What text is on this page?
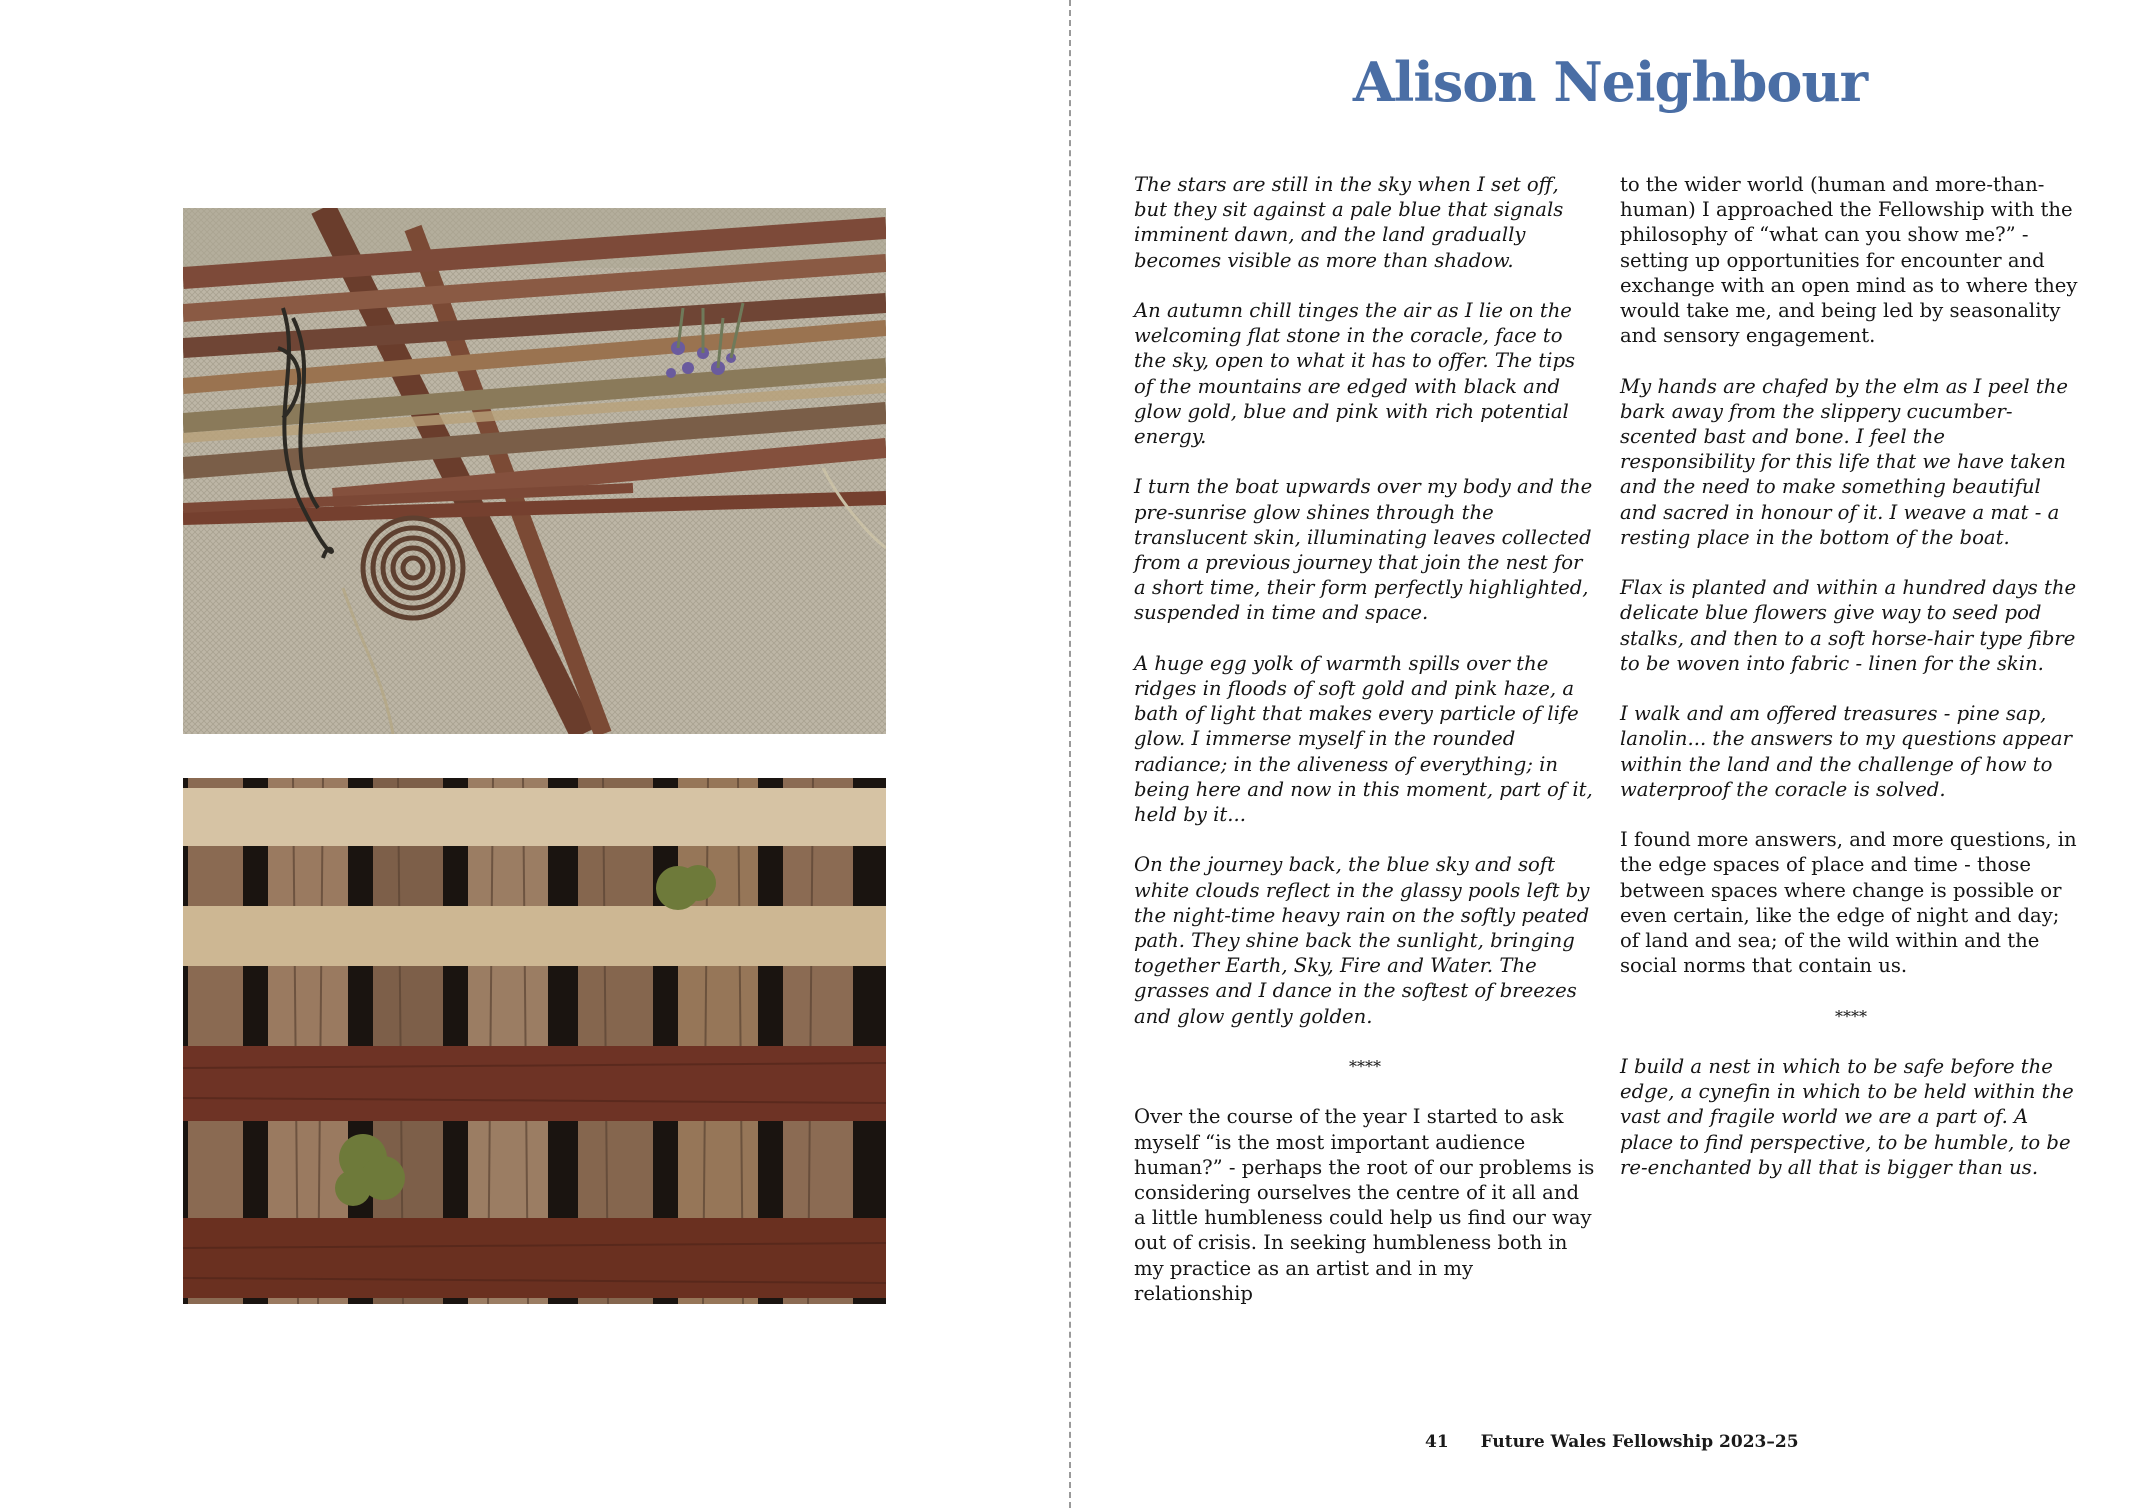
Alison Neighbour

The stars are still in the sky when I set off, but they sit against a pale blue that signals imminent dawn, and the land gradually becomes visible as more than shadow.

An autumn chill tinges the air as I lie on the welcoming flat stone in the coracle, face to the sky, open to what it has to offer. The tips of the mountains are edged with black and glow gold, blue and pink with rich potential energy.

I turn the boat upwards over my body and the pre-sunrise glow shines through the translucent skin, illuminating leaves collected from a previous journey that join the nest for a short time, their form perfectly highlighted, suspended in time and space.

A huge egg yolk of warmth spills over the ridges in floods of soft gold and pink haze, a bath of light that makes every particle of life glow. I immerse myself in the rounded radiance; in the aliveness of everything; in being here and now in this moment, part of it, held by it...

On the journey back, the blue sky and soft white clouds reflect in the glassy pools left by the night-time heavy rain on the softly peated path. They shine back the sunlight, bringing together Earth, Sky, Fire and Water. The grasses and I dance in the softest of breezes and glow gently golden.

****

Over the course of the year I started to ask myself “is the most important audience human?” - perhaps the root of our problems is considering ourselves the centre of it all and a little humbleness could help us find our way out of crisis. In seeking humbleness both in my practice as an artist and in my relationship

to the wider world (human and more-than-human) I approached the Fellowship with the philosophy of “what can you show me?” - setting up opportunities for encounter and exchange with an open mind as to where they would take me, and being led by seasonality and sensory engagement.

My hands are chafed by the elm as I peel the bark away from the slippery cucumber-scented bast and bone. I feel the responsibility for this life that we have taken and the need to make something beautiful and sacred in honour of it. I weave a mat - a resting place in the bottom of the boat.

Flax is planted and within a hundred days the delicate blue flowers give way to seed pod stalks, and then to a soft horse-hair type fibre to be woven into fabric - linen for the skin.

I walk and am offered treasures - pine sap, lanolin... the answers to my questions appear within the land and the challenge of how to waterproof the coracle is solved.

I found more answers, and more questions, in the edge spaces of place and time - those between spaces where change is possible or even certain, like the edge of night and day; of land and sea; of the wild within and the social norms that contain us.

****

I build a nest in which to be safe before the edge, a cynefin in which to be held within the vast and fragile world we are a part of. A place to find perspective, to be humble, to be re-enchanted by all that is bigger than us.

41 Future Wales Fellowship 2023–25
